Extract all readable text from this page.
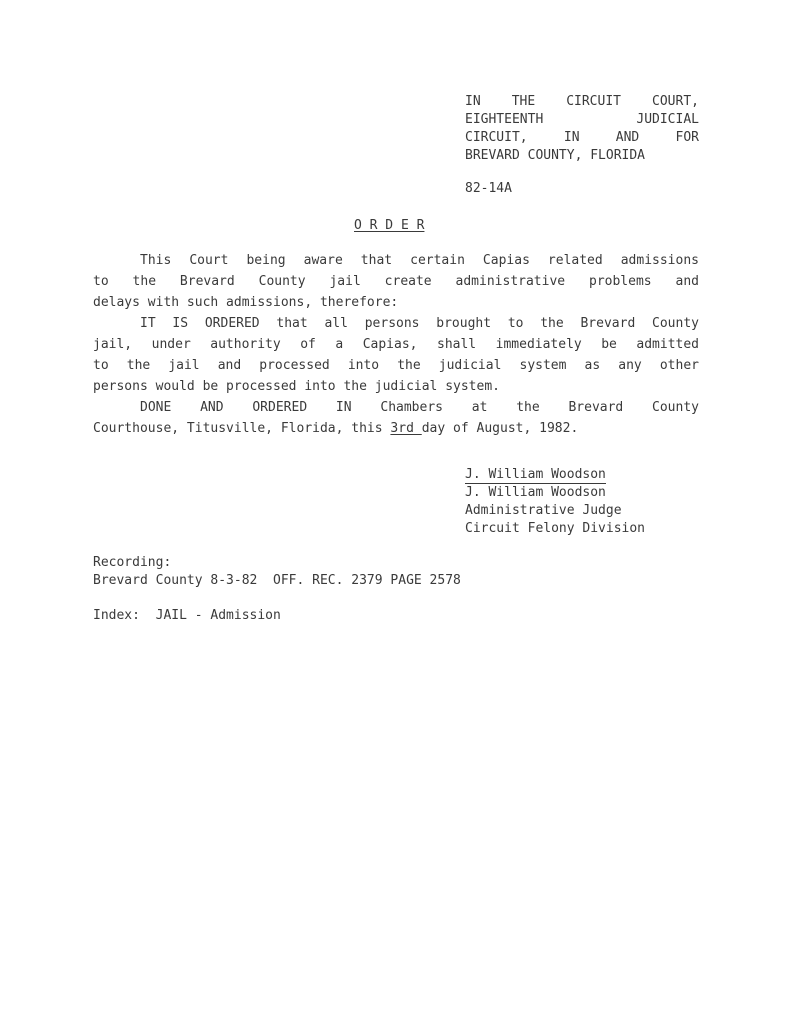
IN THE CIRCUIT COURT,
EIGHTEENTH JUDICIAL
CIRCUIT, IN AND FOR
BREVARD COUNTY, FLORIDA
82-14A
O R D E R
This Court being aware that certain Capias related admissions
to the Brevard County jail create administrative problems and
delays with such admissions, therefore:
IT IS ORDERED that all persons brought to the Brevard County
jail, under authority of a Capias, shall immediately be admitted
to the jail and processed into the judicial system as any other
persons would be processed into the judicial system.
DONE AND ORDERED IN Chambers at the Brevard County
Courthouse, Titusville, Florida, this 3rd day of August, 1982.
J. William Woodson
J. William Woodson
Administrative Judge
Circuit Felony Division
Recording:
Brevard County 8-3-82  OFF. REC. 2379 PAGE 2578
Index:  JAIL - Admission
